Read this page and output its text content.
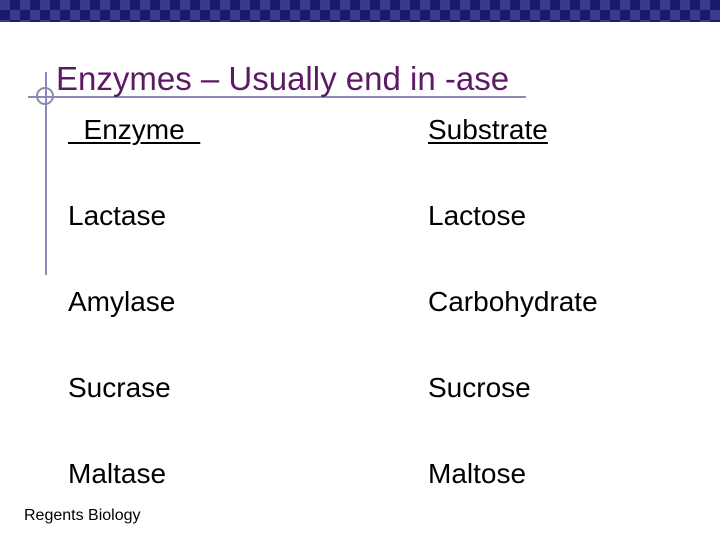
Enzymes – Usually end in -ase
Enzyme	Substrate
Lactase	Lactose
Amylase	Carbohydrate
Sucrase	Sucrose
Maltase	Maltose
Regents Biology
